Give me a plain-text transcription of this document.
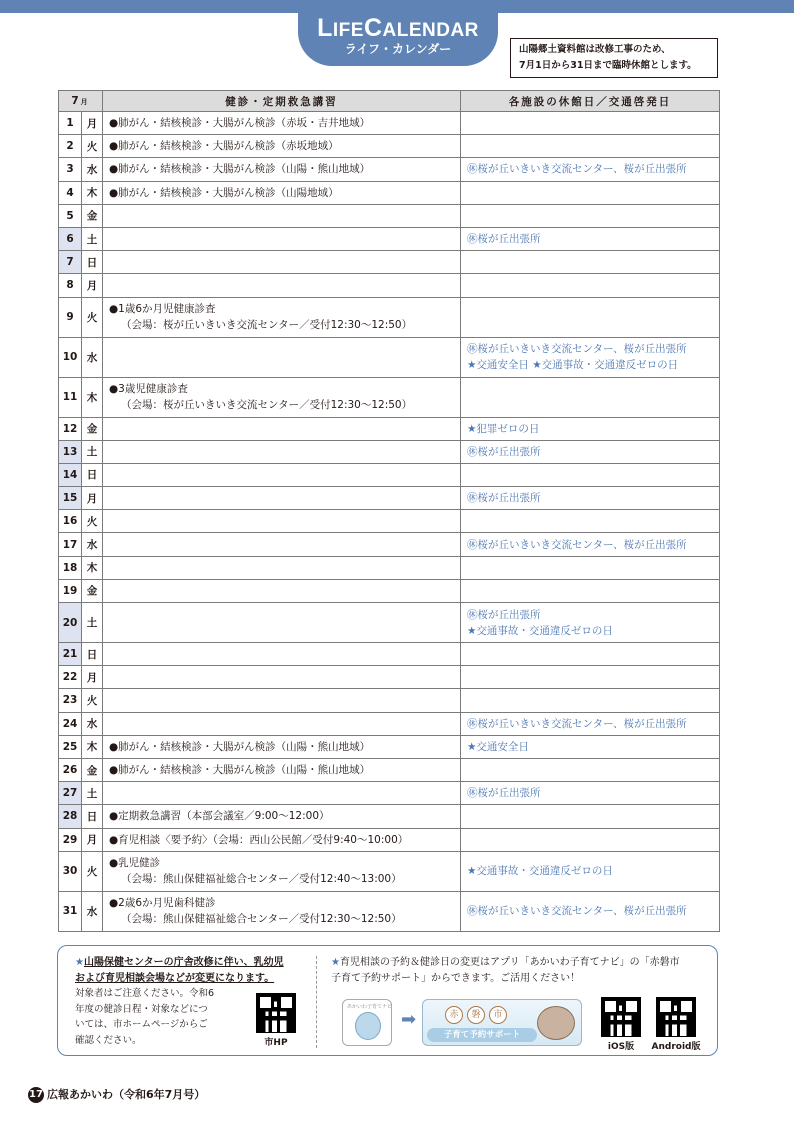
LIFECALENDAR
ライフ・カレンダー	山陽郷土資料館は改修工事のため、
7月1日から31日まで臨時休館とします。
7月		健診・定期救急講習	各施設の休館日／交通啓発日
1	月	●肺がん・結核検診・大腸がん検診（赤坂・吉井地域）	

2	火	●肺がん・結核検診・大腸がん検診（赤坂地域）	

3	水	●肺がん・結核検診・大腸がん検診（山陽・熊山地域）	㊡桜が丘いきいき交流センター、桜が丘出張所

4	木	●肺がん・結核検診・大腸がん検診（山陽地域）	

5	金		
6	土		㊡桜が丘出張所

7	日		
8	月		
9	火	●1歳6か月児健康診査
（会場：桜が丘いきいき交流センター／受付12:30～12:50）	

10	水		㊡桜が丘いきいき交流センター、桜が丘出張所
★交通安全日 ★交通事故・交通違反ゼロの日

11	木	●3歳児健康診査
（会場：桜が丘いきいき交流センター／受付12:30～12:50）	

12	金		★犯罪ゼロの日

13	土		㊡桜が丘出張所

14	日		
15	月		㊡桜が丘出張所

16	火		
17	水		㊡桜が丘いきいき交流センター、桜が丘出張所

18	木		
19	金		
20	土		㊡桜が丘出張所
★交通事故・交通違反ゼロの日

21	日		
22	月		
23	火		
24	水		㊡桜が丘いきいき交流センター、桜が丘出張所

25	木	●肺がん・結核検診・大腸がん検診（山陽・熊山地域）	★交通安全日

26	金	●肺がん・結核検診・大腸がん検診（山陽・熊山地域）	

27	土		㊡桜が丘出張所

28	日	●定期救急講習（本部会議室／9:00～12:00）	

29	月	●育児相談〈要予約〉（会場：西山公民館／受付9:40～10:00）	

30	火	●乳児健診
（会場：熊山保健福祉総合センター／受付12:40～13:00）	★交通事故・交通違反ゼロの日

31	水	●2歳6か月児歯科健診
（会場：熊山保健福祉総合センター／受付12:30～12:50）	㊡桜が丘いきいき交流センター、桜が丘出張所
★山陽保健センターの庁舎改修に伴い、乳幼児
および育児相談会場などが変更になります。
対象者はご注意ください。令和6
年度の健診日程・対象などにつ
いては、市ホームページからご
確認ください。	市HP
★育児相談の予約＆健診日の変更はアプリ「あかいわ子育てナビ」の「赤磐市
子育て予約サポート」からできます。ご活用ください！
あかいわ子育てナビ
➡	赤	磐	市
子育て予約サポート
iOS版	Android版
17 広報あかいわ（令和6年7月号）
